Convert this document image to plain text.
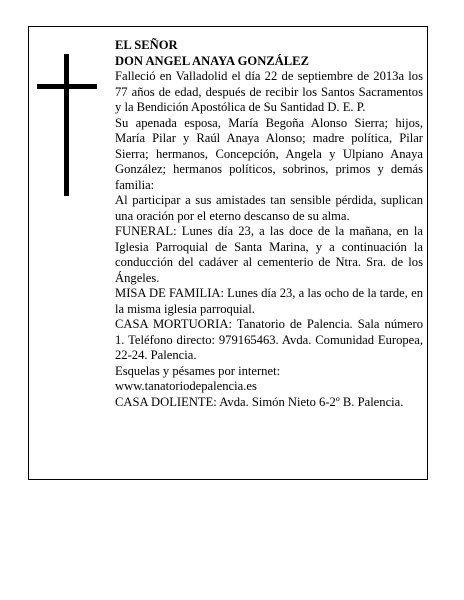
EL SEÑOR
DON ANGEL ANAYA GONZÁLEZ
Falleció en Valladolid el día 22 de septiembre de 2013a los 77 años de edad, después de recibir los Santos Sacramentos y la Bendición Apostólica de Su Santidad D. E. P.
Su apenada esposa, María Begoña Alonso Sierra; hijos, María Pilar y Raúl Anaya Alonso; madre política, Pilar Sierra; hermanos, Concepción, Angela y Ulpiano Anaya González; hermanos políticos, sobrinos, primos y demás familia:
Al participar a sus amistades tan sensible pérdida, suplican una oración por el eterno descanso de su alma.
FUNERAL: Lunes día 23, a las doce de la mañana, en la Iglesia Parroquial de Santa Marina, y a continuación la conducción del cadáver al cementerio de Ntra. Sra. de los Ángeles.
MISA DE FAMILIA: Lunes día 23, a las ocho de la tarde, en la misma iglesia parroquial.
CASA MORTUORIA: Tanatorio de Palencia. Sala número 1. Teléfono directo: 979165463. Avda. Comunidad Europea, 22-24. Palencia.
Esquelas y pésames por internet:
www.tanatoriodepalencia.es
CASA DOLIENTE: Avda. Simón Nieto 6-2º B. Palencia.
